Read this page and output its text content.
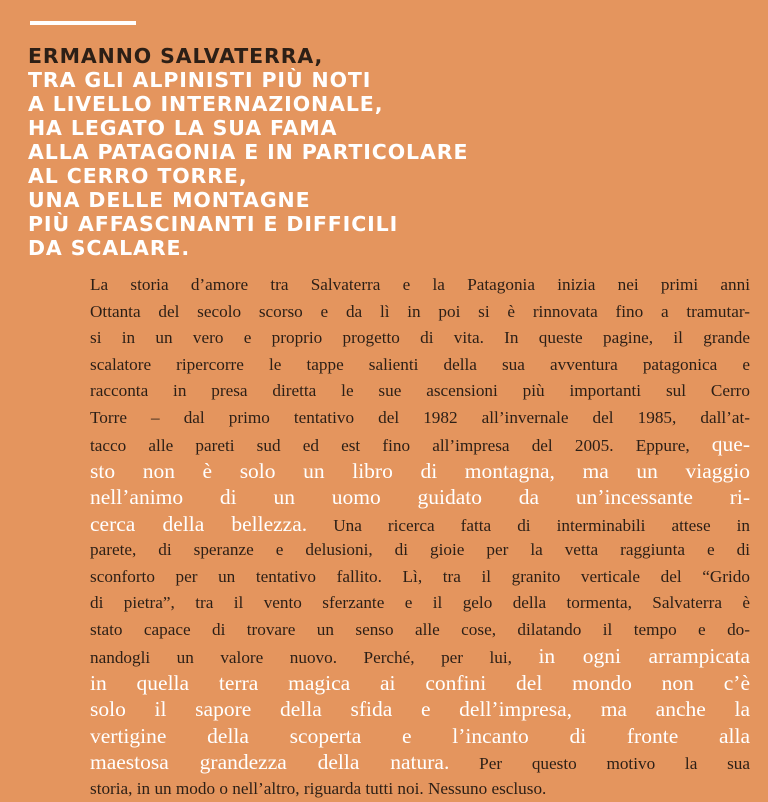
ERMANNO SALVATERRA,
TRA GLI ALPINISTI PIÙ NOTI
A LIVELLO INTERNAZIONALE,
HA LEGATO LA SUA FAMA
ALLA PATAGONIA E IN PARTICOLARE
AL CERRO TORRE,
UNA DELLE MONTAGNE
PIÙ AFFASCINANTI E DIFFICILI
DA SCALARE.
La storia d’amore tra Salvaterra e la Patagonia inizia nei primi anni
Ottanta del secolo scorso e da lì in poi si è rinnovata fino a tramutar-
si in un vero e proprio progetto di vita. In queste pagine, il grande
scalatore ripercorre le tappe salienti della sua avventura patagonica e
racconta in presa diretta le sue ascensioni più importanti sul Cerro
Torre – dal primo tentativo del 1982 all’invernale del 1985, dall’at-
tacco alle pareti sud ed est fino all’impresa del 2005. Eppure, que-
sto non è solo un libro di montagna, ma un viaggio
nell’animo di un uomo guidato da un’incessante ri-
cerca della bellezza. Una ricerca fatta di interminabili attese in
parete, di speranze e delusioni, di gioie per la vetta raggiunta e di
sconforto per un tentativo fallito. Lì, tra il granito verticale del “Grido
di pietra”, tra il vento sferzante e il gelo della tormenta, Salvaterra è
stato capace di trovare un senso alle cose, dilatando il tempo e do-
nandogli un valore nuovo. Perché, per lui, in ogni arrampicata
in quella terra magica ai confini del mondo non c’è
solo il sapore della sfida e dell’impresa, ma anche la
vertigine della scoperta e l’incanto di fronte alla
maestosa grandezza della natura. Per questo motivo la sua
storia, in un modo o nell’altro, riguarda tutti noi. Nessuno escluso.
